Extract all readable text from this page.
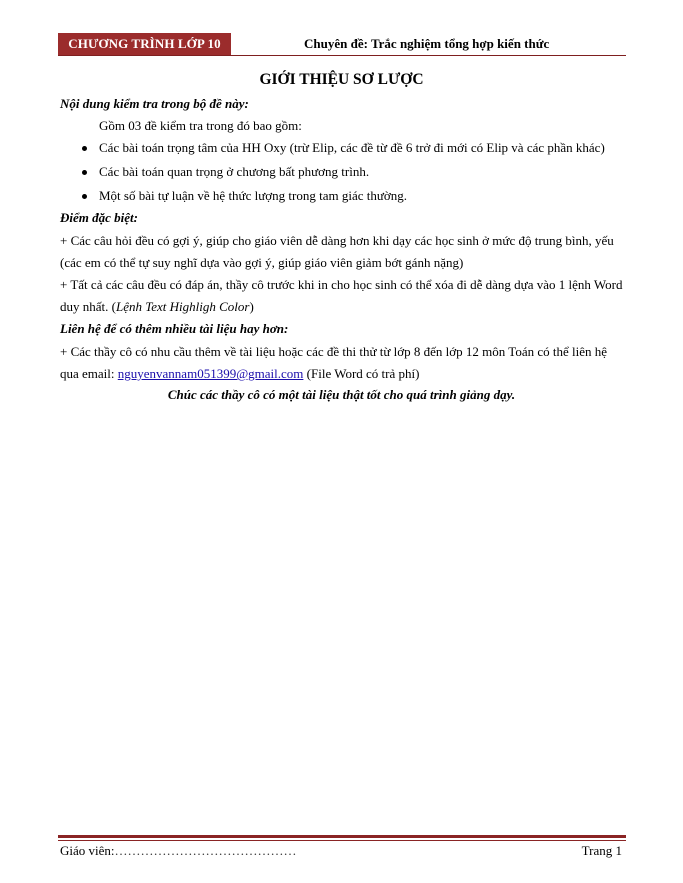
CHƯƠNG TRÌNH LỚP 10	Chuyên đề: Trắc nghiệm tổng hợp kiến thức
GIỚI THIỆU SƠ LƯỢC
Nội dung kiểm tra trong bộ đề này:
Gồm 03 đề kiểm tra trong đó bao gồm:
Các bài toán trọng tâm của HH Oxy (trừ Elip, các đề từ đề 6 trở đi mới có Elip và các phần khác)
Các bài toán quan trọng ở chương bất phương trình.
Một số bài tự luận về hệ thức lượng trong tam giác thường.
Điểm đặc biệt:
+ Các câu hỏi đều có gợi ý, giúp cho giáo viên dễ dàng hơn khi dạy các học sinh ở mức độ trung bình, yếu
(các em có thể tự suy nghĩ dựa vào gợi ý, giúp giáo viên giảm bớt gánh nặng)
+ Tất cả các câu đều có đáp án, thầy cô trước khi in cho học sinh có thể xóa đi dễ dàng dựa vào 1 lệnh Word
duy nhất. (Lệnh Text Highligh Color)
Liên hệ để có thêm nhiều tài liệu hay hơn:
+ Các thầy cô có nhu cầu thêm về tài liệu hoặc các đề thi thử từ lớp 8 đến lớp 12 môn Toán có thể liên hệ
qua email: nguyenvannam051399@gmail.com (File Word có trả phí)
Chúc các thầy cô có một tài liệu thật tốt cho quá trình giảng dạy.
Giáo viên:……………………………………	Trang 1
